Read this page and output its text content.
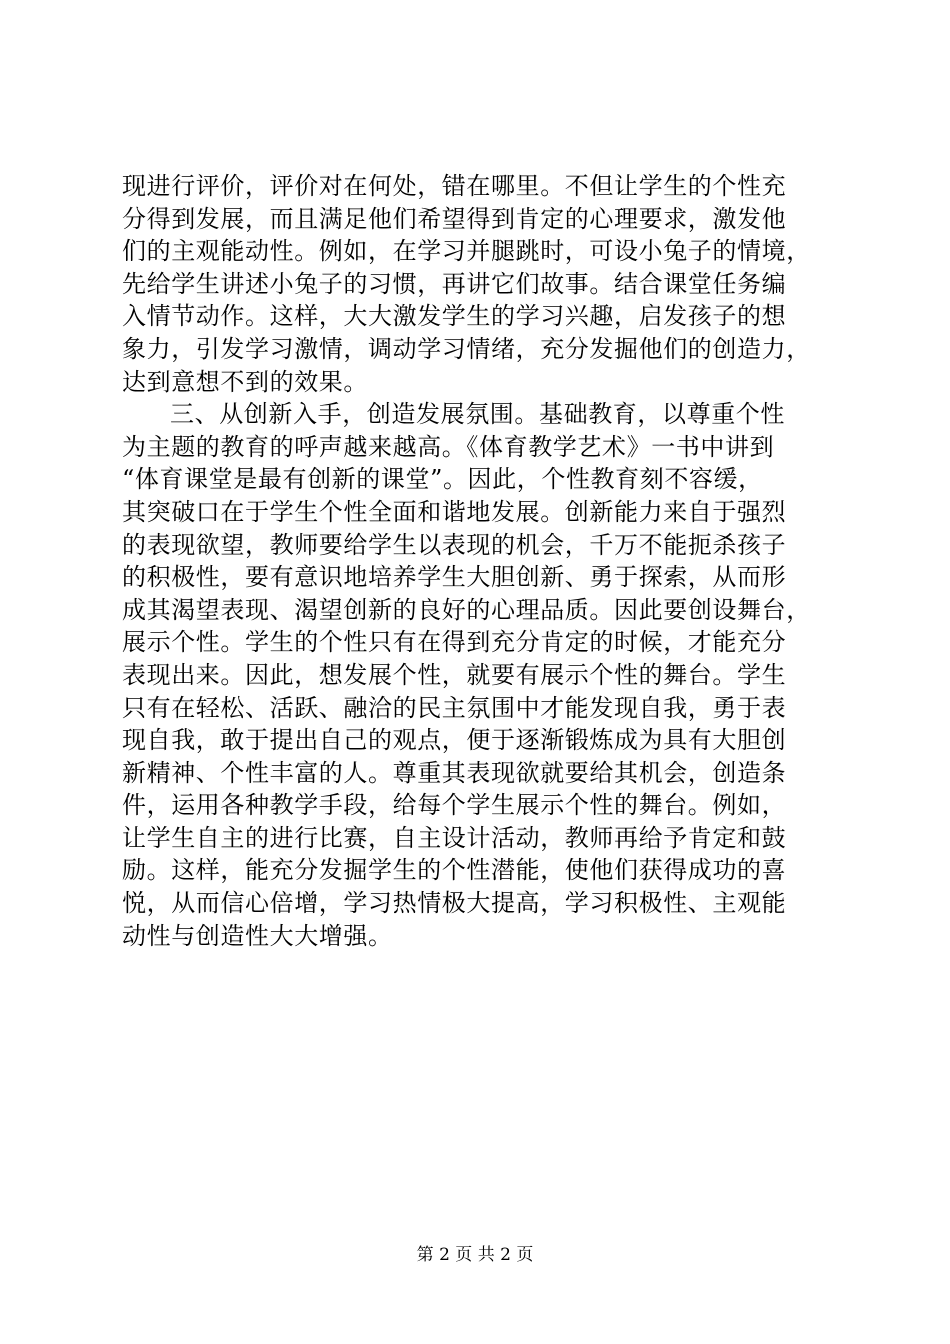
现进行评价，评价对在何处，错在哪里。不但让学生的个性充
分得到发展，而且满足他们希望得到肯定的心理要求，激发他
们的主观能动性。例如，在学习并腿跳时，可设小兔子的情境，
先给学生讲述小兔子的习惯，再讲它们故事。结合课堂任务编
入情节动作。这样，大大激发学生的学习兴趣，启发孩子的想
象力，引发学习激情，调动学习情绪，充分发掘他们的创造力，
达到意想不到的效果。
三、从创新入手，创造发展氛围。基础教育，以尊重个性
为主题的教育的呼声越来越高。《体育教学艺术》一书中讲到
“体育课堂是最有创新的课堂”。因此，个性教育刻不容缓，
其突破口在于学生个性全面和谐地发展。创新能力来自于强烈
的表现欲望，教师要给学生以表现的机会，千万不能扼杀孩子
的积极性，要有意识地培养学生大胆创新、勇于探索，从而形
成其渴望表现、渴望创新的良好的心理品质。因此要创设舞台，
展示个性。学生的个性只有在得到充分肯定的时候，才能充分
表现出来。因此，想发展个性，就要有展示个性的舞台。学生
只有在轻松、活跃、融洽的民主氛围中才能发现自我，勇于表
现自我，敢于提出自己的观点，便于逐渐锻炼成为具有大胆创
新精神、个性丰富的人。尊重其表现欲就要给其机会，创造条
件，运用各种教学手段，给每个学生展示个性的舞台。例如，
让学生自主的进行比赛，自主设计活动，教师再给予肯定和鼓
励。这样，能充分发掘学生的个性潜能，使他们获得成功的喜
悦，从而信心倍增，学习热情极大提高，学习积极性、主观能
动性与创造性大大增强。
第 2 页 共 2 页
